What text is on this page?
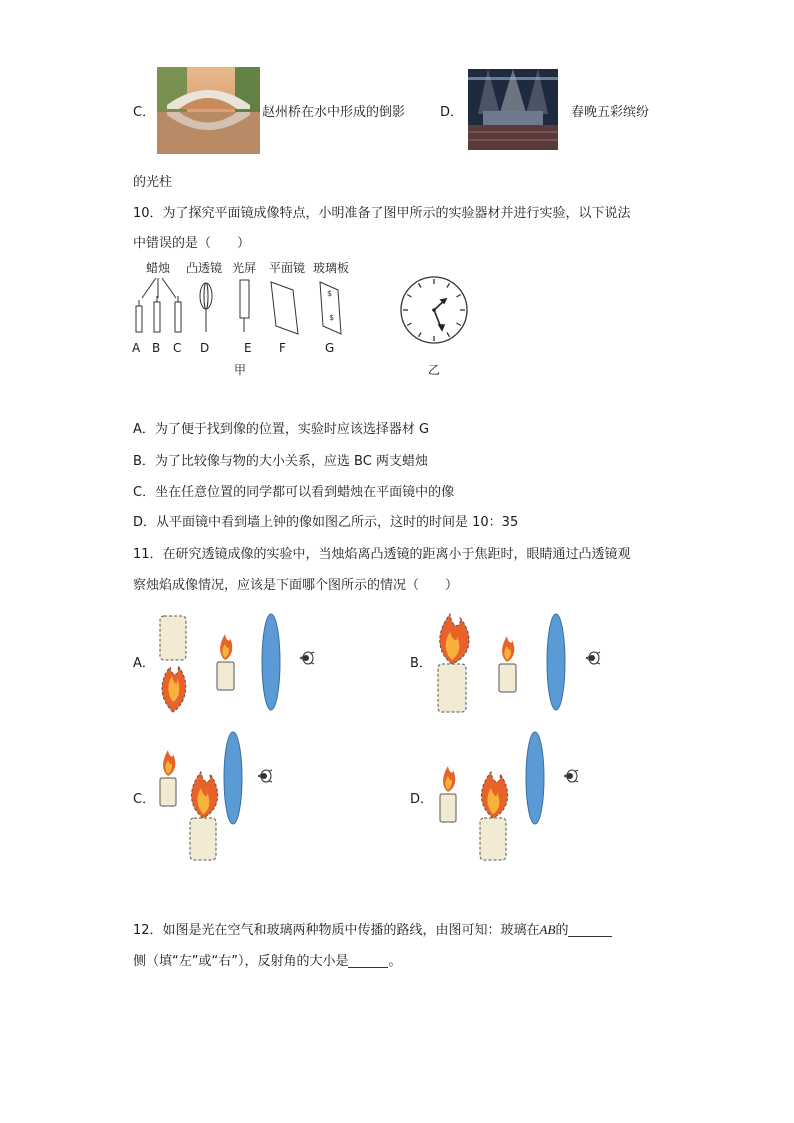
C．	赵州桥在水中形成的倒影	D．	春晚五彩缤纷
的光柱
10．为了探究平面镜成像特点，小明准备了图甲所示的实验器材并进行实验，以下说法
中错误的是（　　）
蜡烛 凸透镜 光屏 平面镜 玻璃板
$
$
A B C D	E F	G
甲	乙
A．为了便于找到像的位置，实验时应该选择器材 G
B．为了比较像与物的大小关系，应选 BC 两支蜡烛
C．坐在任意位置的同学都可以看到蜡烛在平面镜中的像
D．从平面镜中看到墙上钟的像如图乙所示，这时的时间是 10：35
11．在研究透镜成像的实验中，当烛焰离凸透镜的距离小于焦距时，眼睛通过凸透镜观
察烛焰成像情况，应该是下面哪个图所示的情况（　　）
A．	B．
C．	D．
12．如图是光在空气和玻璃两种物质中传播的路线，由图可知：玻璃在AB的
侧（填“左”或“右”），反射角的大小是	。
